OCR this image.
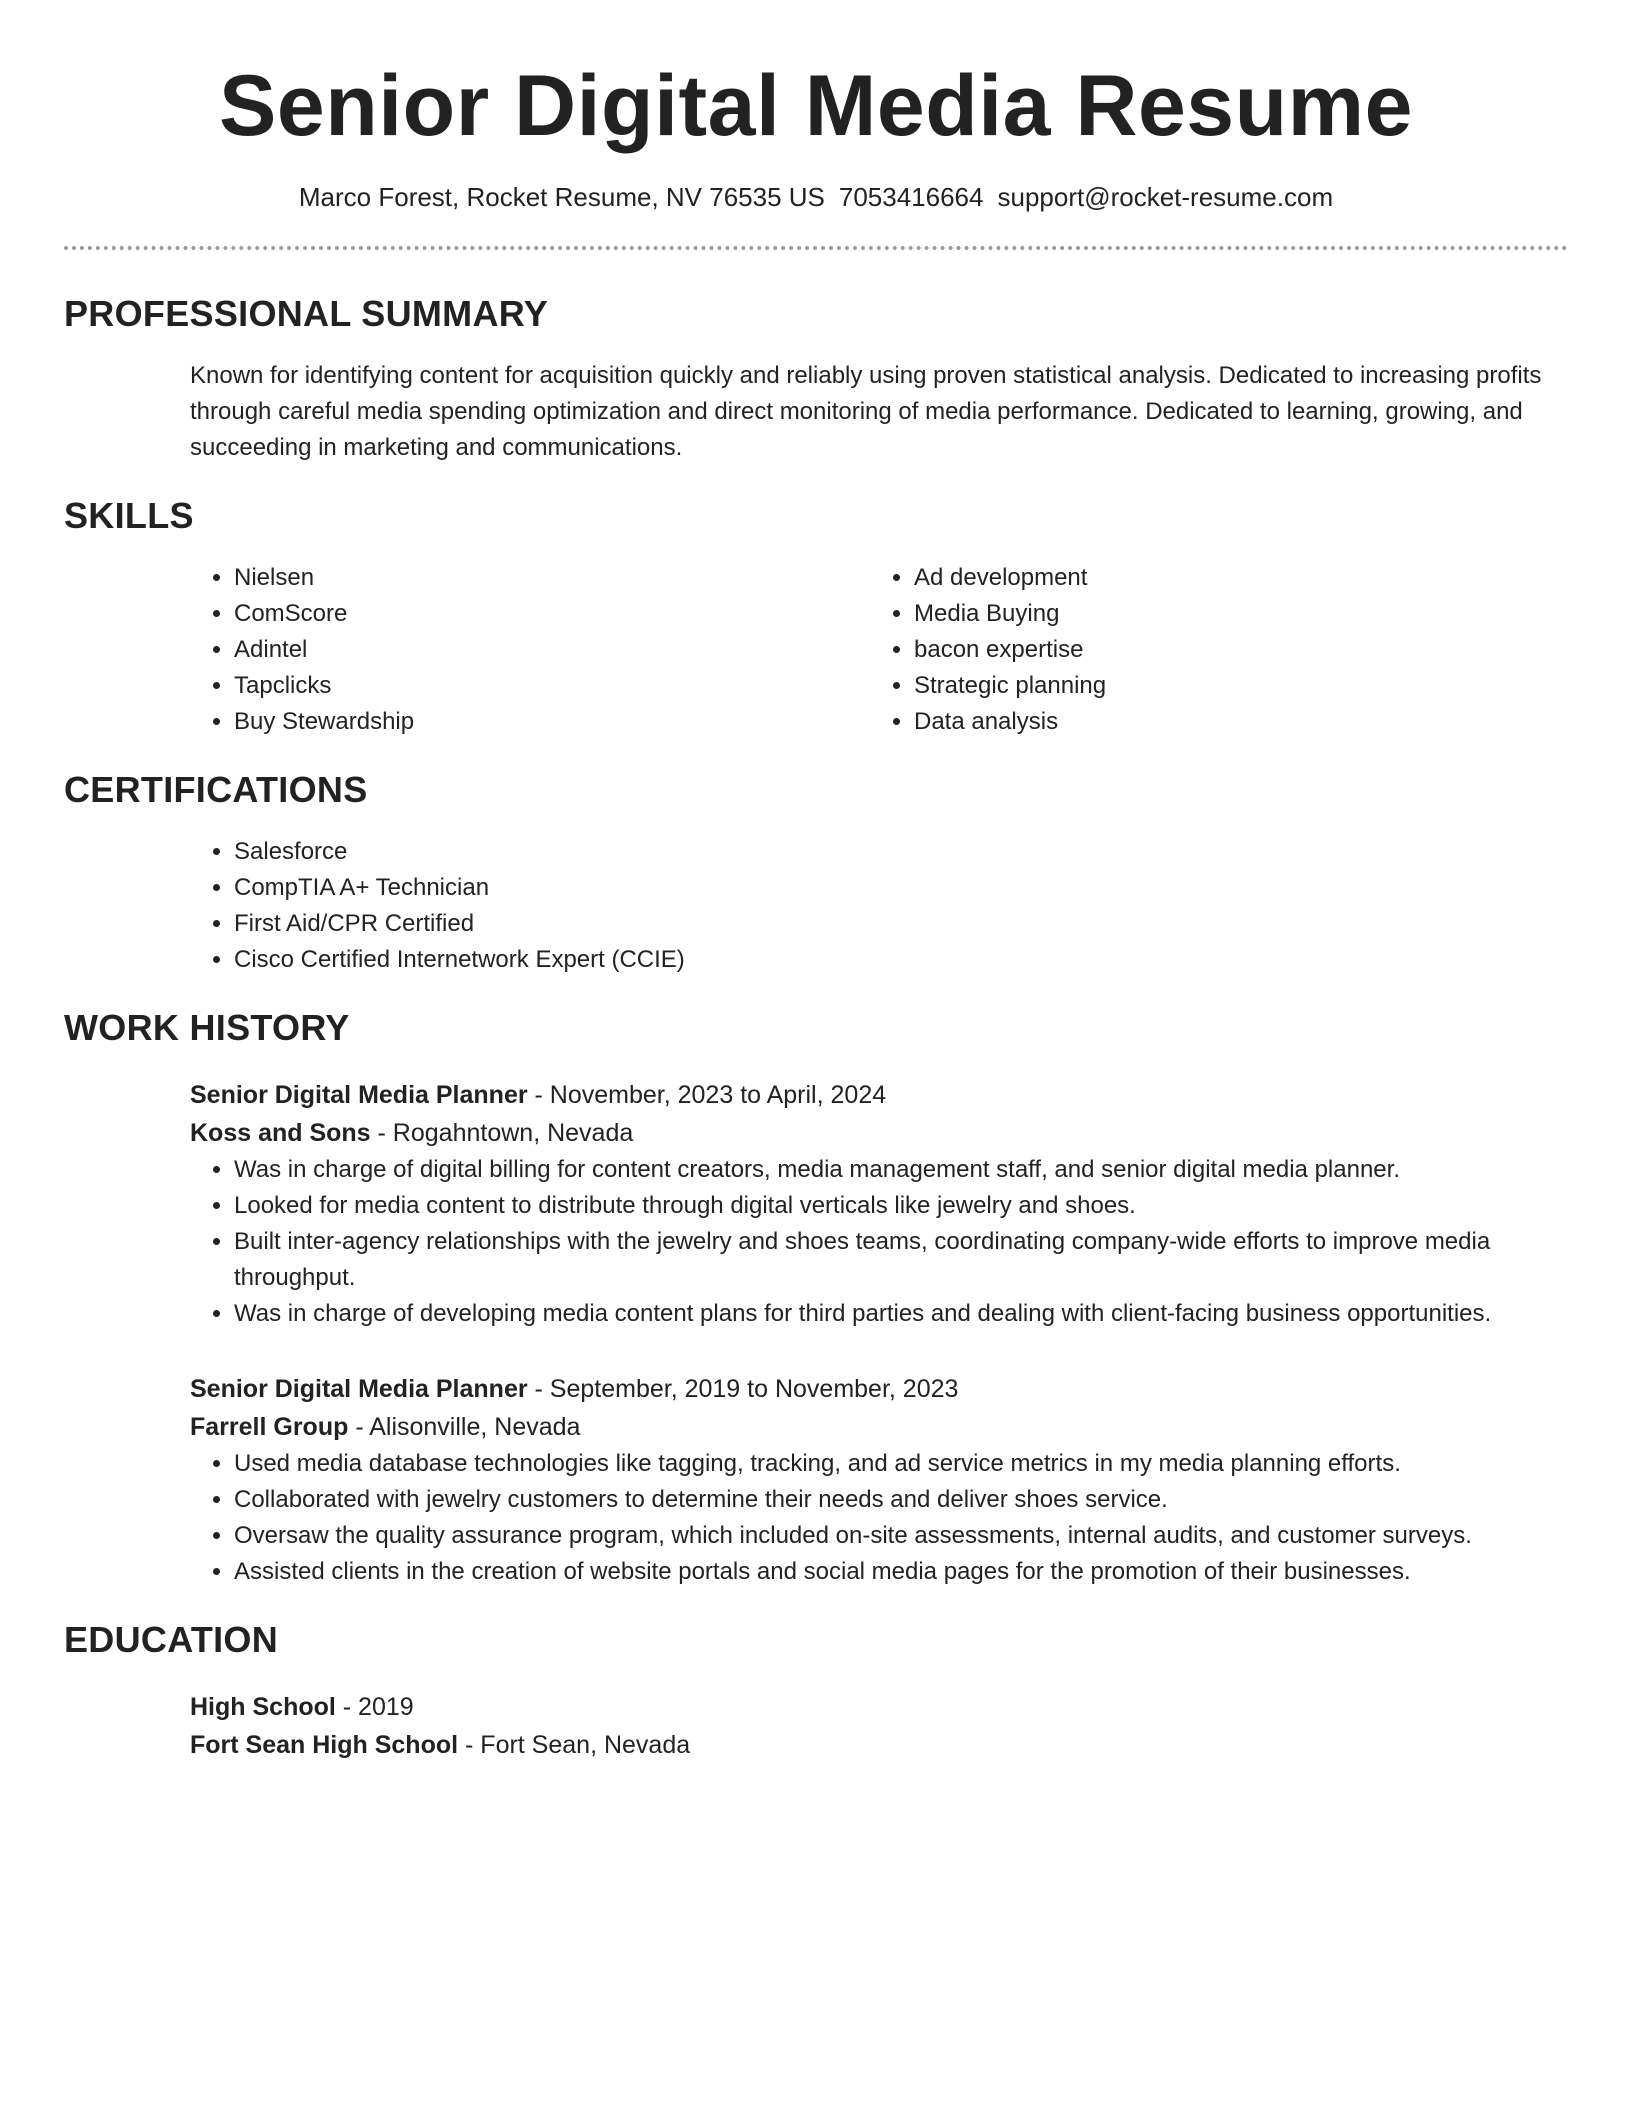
Senior Digital Media Resume
Marco Forest, Rocket Resume, NV 76535 US 7053416664 support@rocket-resume.com
PROFESSIONAL SUMMARY

Known for identifying content for acquisition quickly and reliably using proven statistical analysis. Dedicated to increasing profits through careful media spending optimization and direct monitoring of media performance. Dedicated to learning, growing, and succeeding in marketing and communications.

SKILLS
• Nielsen
• ComScore
• Adintel
• Tapclicks
• Buy Stewardship
• Ad development
• Media Buying
• bacon expertise
• Strategic planning
• Data analysis
CERTIFICATIONS
• Salesforce
• CompTIA A+ Technician
• First Aid/CPR Certified
• Cisco Certified Internetwork Expert (CCIE)
WORK HISTORY
Senior Digital Media Planner - November, 2023 to April, 2024
Koss and Sons - Rogahntown, Nevada
• Was in charge of digital billing for content creators, media management staff, and senior digital media planner.
• Looked for media content to distribute through digital verticals like jewelry and shoes.
• Built inter-agency relationships with the jewelry and shoes teams, coordinating company-wide efforts to improve media throughput.
• Was in charge of developing media content plans for third parties and dealing with client-facing business opportunities.
Senior Digital Media Planner - September, 2019 to November, 2023
Farrell Group - Alisonville, Nevada
• Used media database technologies like tagging, tracking, and ad service metrics in my media planning efforts.
• Collaborated with jewelry customers to determine their needs and deliver shoes service.
• Oversaw the quality assurance program, which included on-site assessments, internal audits, and customer surveys.
• Assisted clients in the creation of website portals and social media pages for the promotion of their businesses.
EDUCATION
High School - 2019
Fort Sean High School - Fort Sean, Nevada
